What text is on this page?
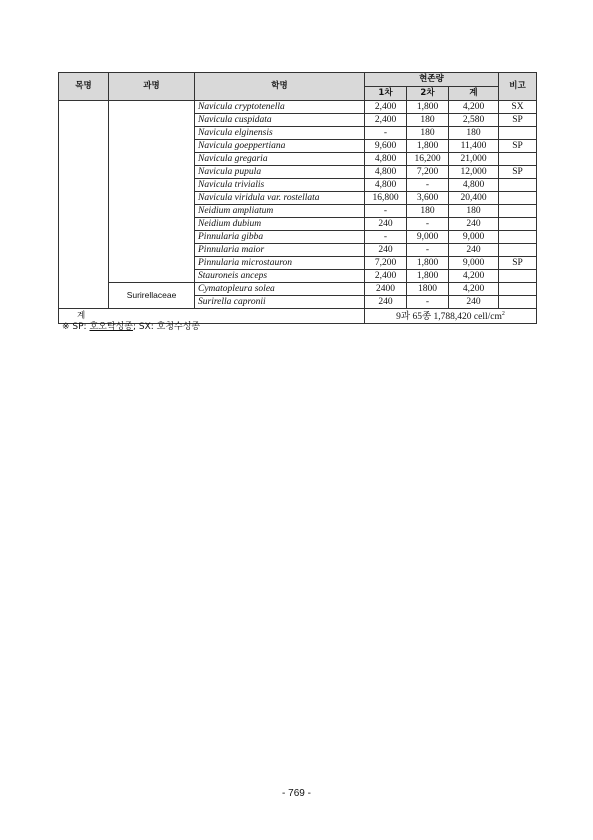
목명	과명	학명	현존량			비고
			1차	2차	계	
		Navicula cryptotenella	2,400	1,800	4,200	SX
		Navicula cuspidata	2,400	180	2,580	SP
		Navicula elginensis	-	180	180	
		Navicula goeppertiana	9,600	1,800	11,400	SP
		Navicula gregaria	4,800	16,200	21,000	
		Navicula pupula	4,800	7,200	12,000	SP
		Navicula trivialis	4,800	-	4,800	
		Navicula viridula var. rostellata	16,800	3,600	20,400	
		Neidium ampliatum	-	180	180	
		Neidium dubium	240	-	240	
		Pinnularia gibba	-	9,000	9,000	
		Pinnularia maior	240	-	240	
		Pinnularia microstauron	7,200	1,800	9,000	SP
		Stauroneis anceps	2,400	1,800	4,200	
	Surirellaceae	Cymatopleura solea	2400	1800	4,200	
		Surirella capronii	240	-	240	
계			9과 65종 1,788,420 cell/$cm^2$
※ SP: 호오탁성종; SX: 호청수성종
- 769 -
